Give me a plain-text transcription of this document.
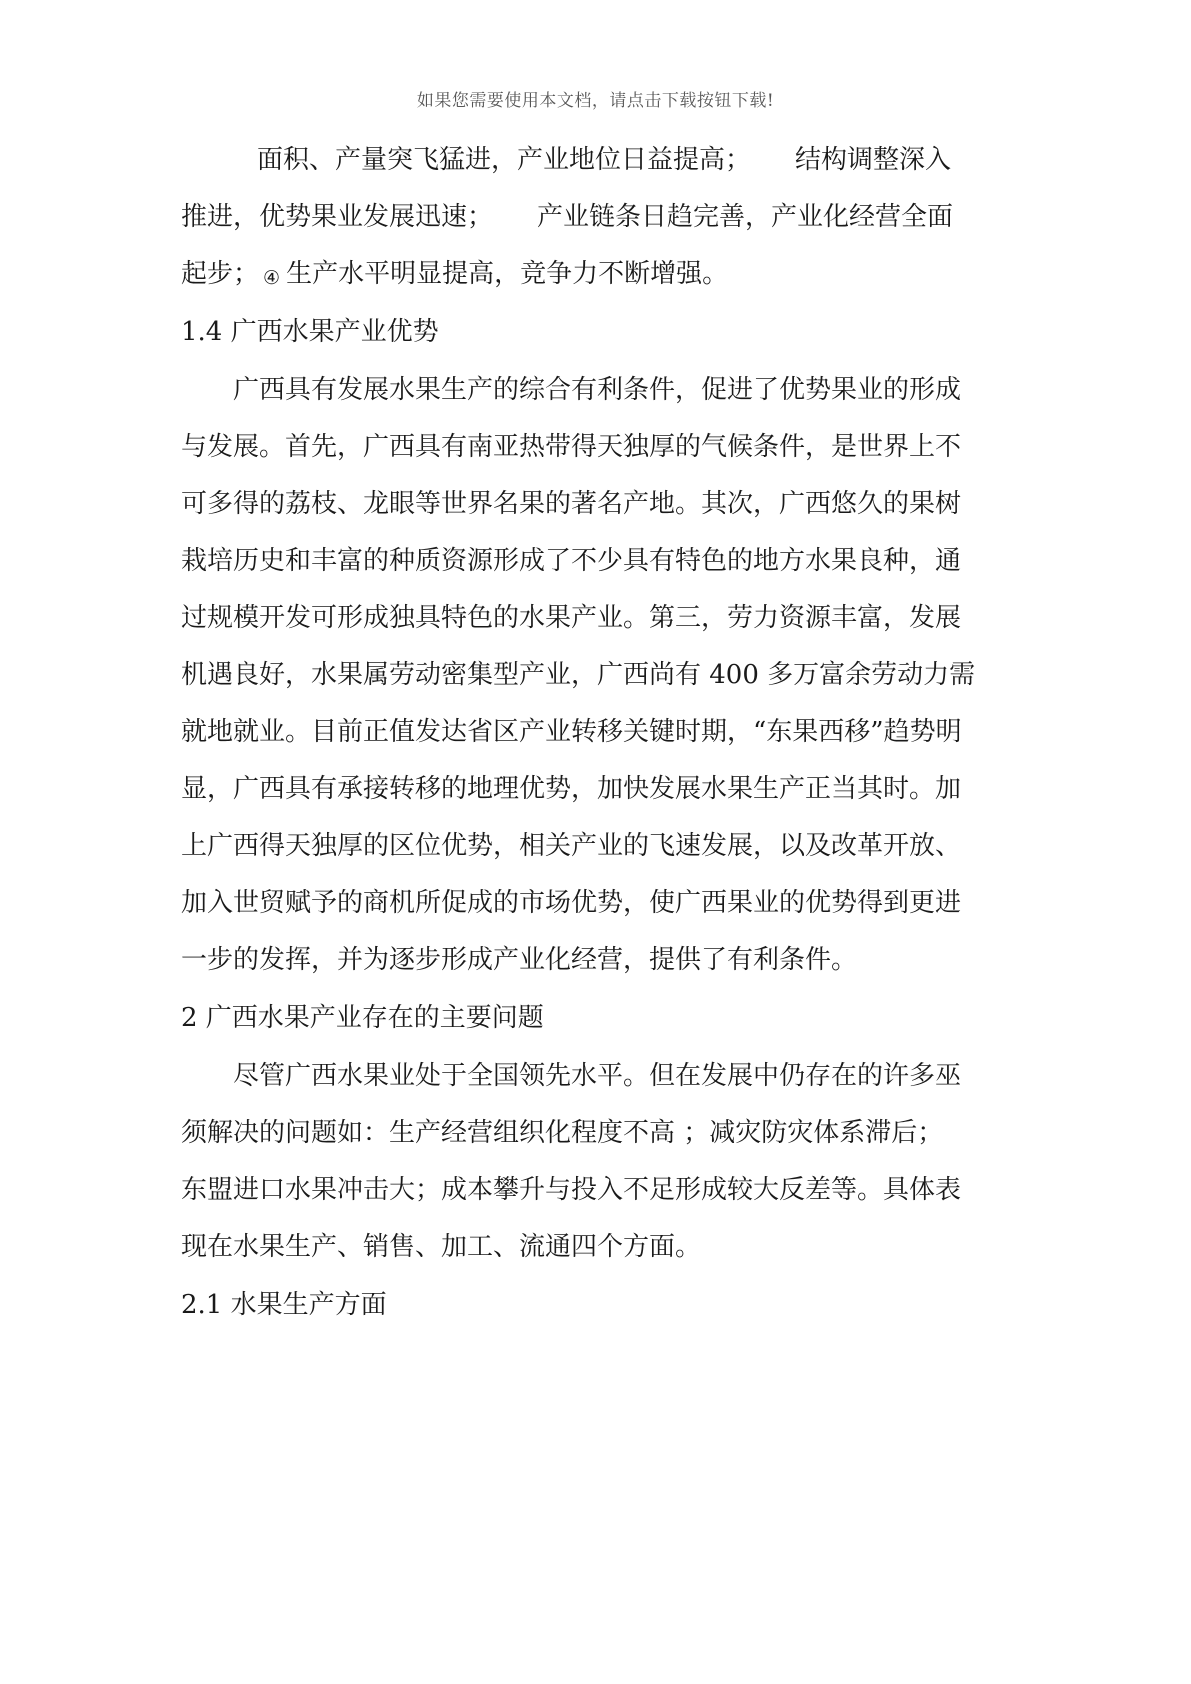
如果您需要使用本文档，请点击下载按钮下载!
面积、产量突飞猛进，产业地位日益提高； 结构调整深入
推进，优势果业发展迅速； 产业链条日趋完善，产业化经营全面
起步； ④ 生产水平明显提高，竞争力不断增强。
1.4 广西水果产业优势
广西具有发展水果生产的综合有利条件，促进了优势果业的形成
与发展。首先，广西具有南亚热带得天独厚的气候条件，是世界上不
可多得的荔枝、龙眼等世界名果的著名产地。其次，广西悠久的果树
栽培历史和丰富的种质资源形成了不少具有特色的地方水果良种，通
过规模开发可形成独具特色的水果产业。第三，劳力资源丰富，发展
机遇良好，水果属劳动密集型产业，广西尚有 400 多万富余劳动力需
就地就业。目前正值发达省区产业转移关键时期，“东果西移”趋势明
显，广西具有承接转移的地理优势，加快发展水果生产正当其时。加
上广西得天独厚的区位优势，相关产业的飞速发展，以及改革开放、
加入世贸赋予的商机所促成的市场优势，使广西果业的优势得到更进
一步的发挥，并为逐步形成产业化经营，提供了有利条件。
2 广西水果产业存在的主要问题
尽管广西水果业处于全国领先水平。但在发展中仍存在的许多巫
须解决的问题如：生产经营组织化程度不高 ；减灾防灾体系滞后；
东盟进口水果冲击大；成本攀升与投入不足形成较大反差等。具体表
现在水果生产、销售、加工、流通四个方面。
2.1 水果生产方面
